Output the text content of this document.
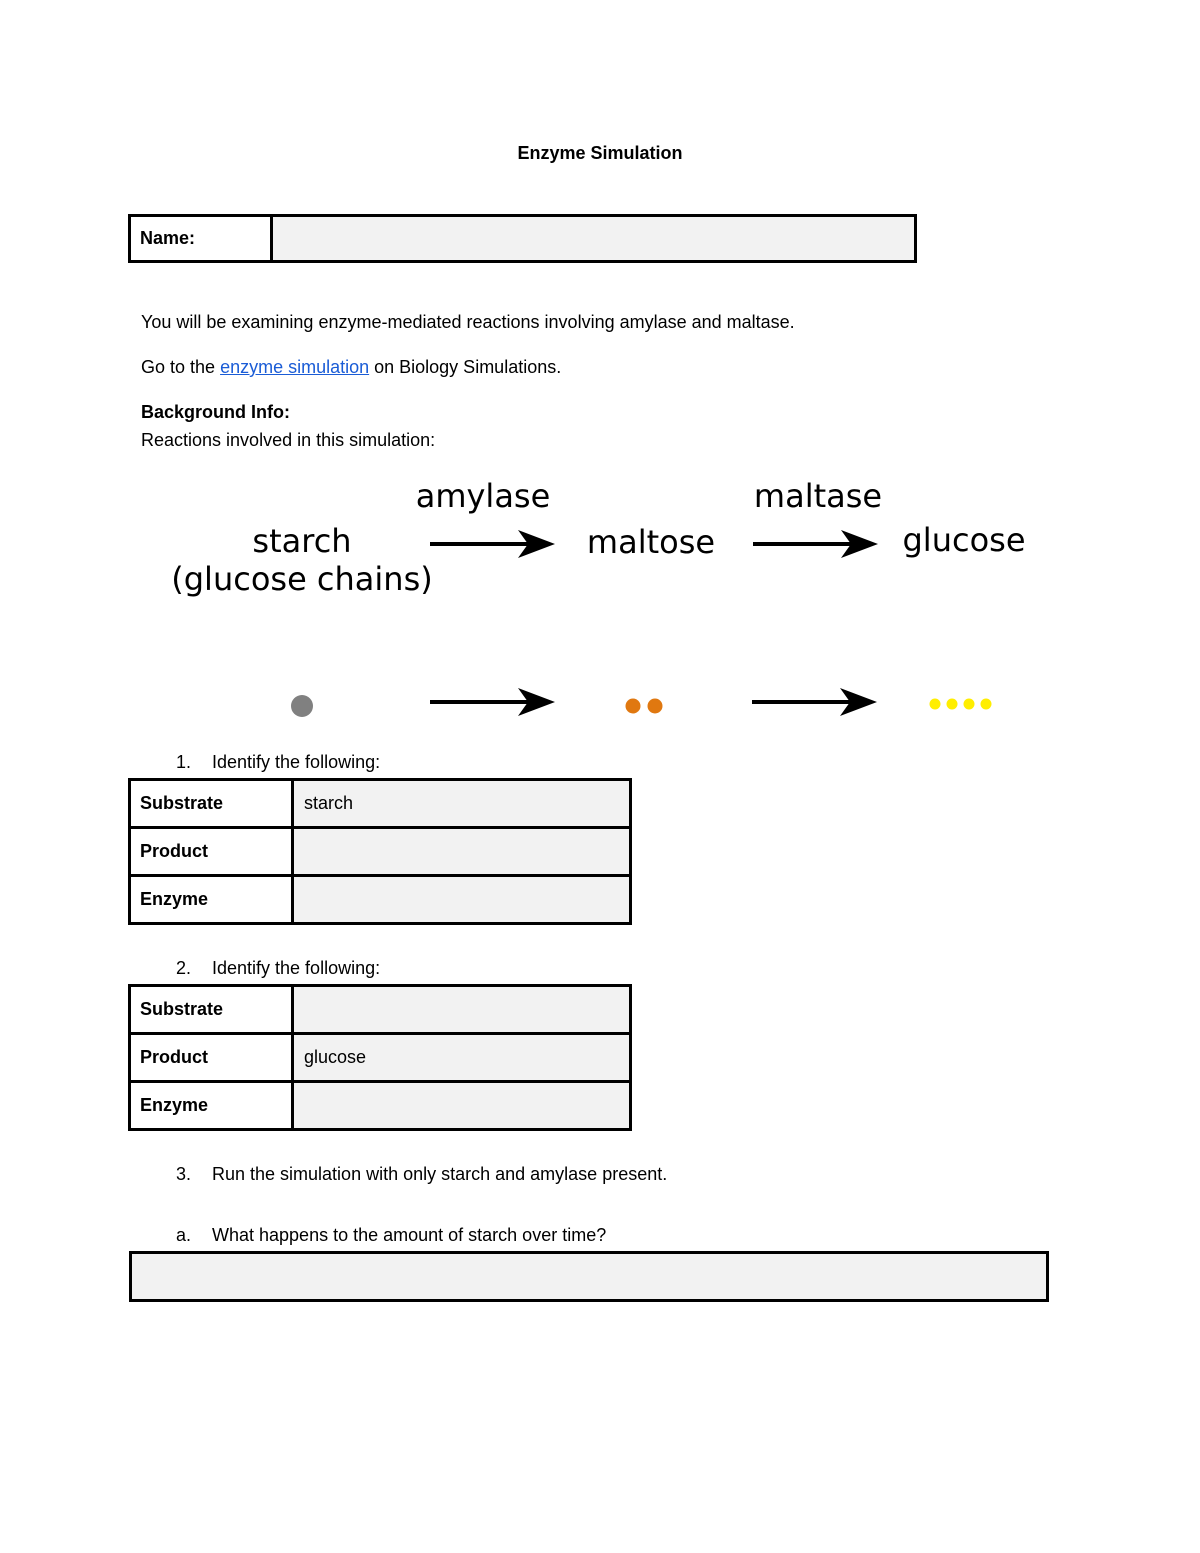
Enzyme Simulation
Name:	
You will be examining enzyme-mediated reactions involving amylase and maltase.
Go to the enzyme simulation on Biology Simulations.
Background Info:
Reactions involved in this simulation:
starch
(glucose chains)
amylase
maltose
maltase
glucose
1. Identify the following:
Substrate	starch
Product	
Enzyme	
2. Identify the following:
Substrate	
Product	glucose
Enzyme	
3. Run the simulation with only starch and amylase present.
a. What happens to the amount of starch over time?
